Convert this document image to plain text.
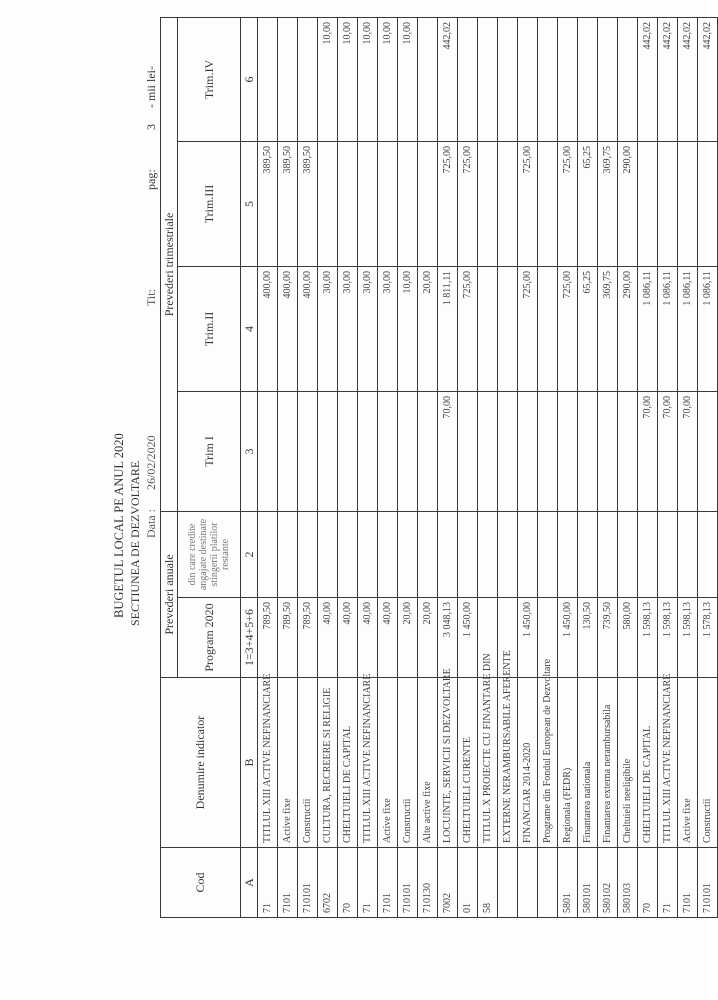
BUGETUL LOCAL PE ANUL 2020 SECTIUNEA DE DEZVOLTARE Data :
26/02/2020
Tit:
pag:
3
- mii lei-
Cod	Denumire indicator	Prevederi anuale		Prevederi trimestriale			
		Program 2020	din care credite angajate destinate stingerii platilor restante	Trim I	Trim.II	Trim.III	Trim.IV

A	B	1=3+4+5+6	2	3	4	5	6
71	TITLUL XIII ACTIVE NEFINANCIARE	789,50			400,00	389,50	
7101	Active fixe	789,50			400,00	389,50	
710101	Constructii	789,50			400,00	389,50	
6702	CULTURA, RECREERE SI RELIGIE	40,00			30,00		10,00
70	CHELTUIELI DE CAPITAL	40,00			30,00		10,00
71	TITLUL XIII ACTIVE NEFINANCIARE	40,00			30,00		10,00
7101	Active fixe	40,00			30,00		10,00
710101	Constructii	20,00			10,00		10,00
710130	Alte active fixe	20,00			20,00		
7002	LOCUINTE, SERVICII SI DEZVOLTARE	3 048,13		70,00	1 811,11	725,00	442,02
01	CHELTUIELI CURENTE	1 450,00			725,00	725,00	
58	TITLUL X PROIECTE CU FINANTARE DIN						
	EXTERNE NERAMBURSABILE AFERENTE						
	FINANCIAR 2014-2020	1 450,00			725,00	725,00	
	Programe din Fondul European de Dezvoltare						
5801	Regionala (FEDR)	1 450,00			725,00	725,00	
580101	Finantarea nationala	130,50			65,25	65,25	
580102	Finantarea externa nerambursabila	739,50			369,75	369,75	
580103	Cheltuieli neeligibile	580,00			290,00	290,00	
70	CHELTUIELI DE CAPITAL	1 598,13		70,00	1 086,11		442,02
71	TITLUL XIII ACTIVE NEFINANCIARE	1 598,13		70,00	1 086,11		442,02
7101	Active fixe	1 598,13		70,00	1 086,11		442,02
710101	Constructii	1 578,13			1 086,11		442,02
